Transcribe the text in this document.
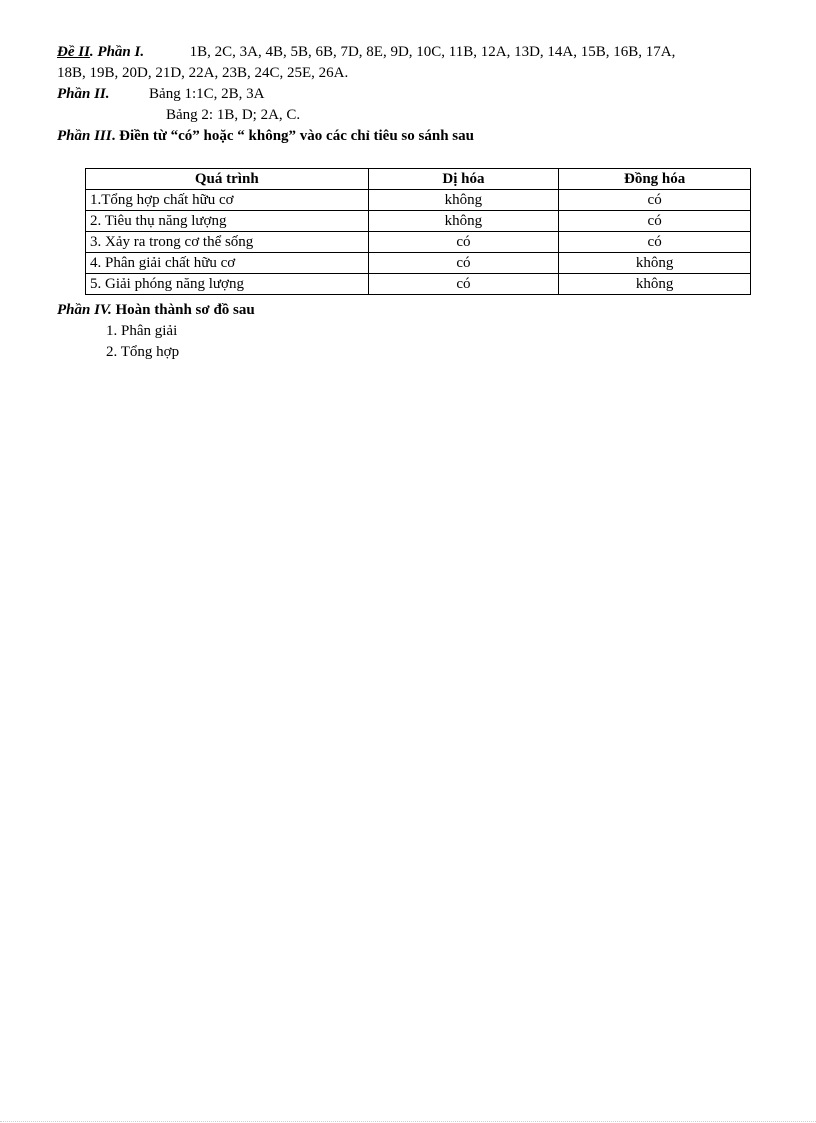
Đề II. Phần I.	1B, 2C, 3A, 4B, 5B, 6B, 7D, 8E, 9D, 10C, 11B, 12A, 13D, 14A, 15B, 16B, 17A,
18B, 19B, 20D, 21D, 22A, 23B, 24C, 25E, 26A.
Phần II.	Bảng 1:1C, 2B, 3A
Bảng 2: 1B, D; 2A, C.
Phần III. Điền từ “có” hoặc “ không” vào các chỉ tiêu so sánh sau
Quá trình	Dị hóa	Đồng hóa
1.Tổng hợp chất hữu cơ	không	có
2. Tiêu thụ năng lượng	không	có
3. Xảy ra trong cơ thể sống	có	có
4. Phân giải chất hữu cơ	có	không
5. Giải phóng năng lượng	có	không
Phần IV. Hoàn thành sơ đồ sau
1. Phân giải
2. Tổng hợp
